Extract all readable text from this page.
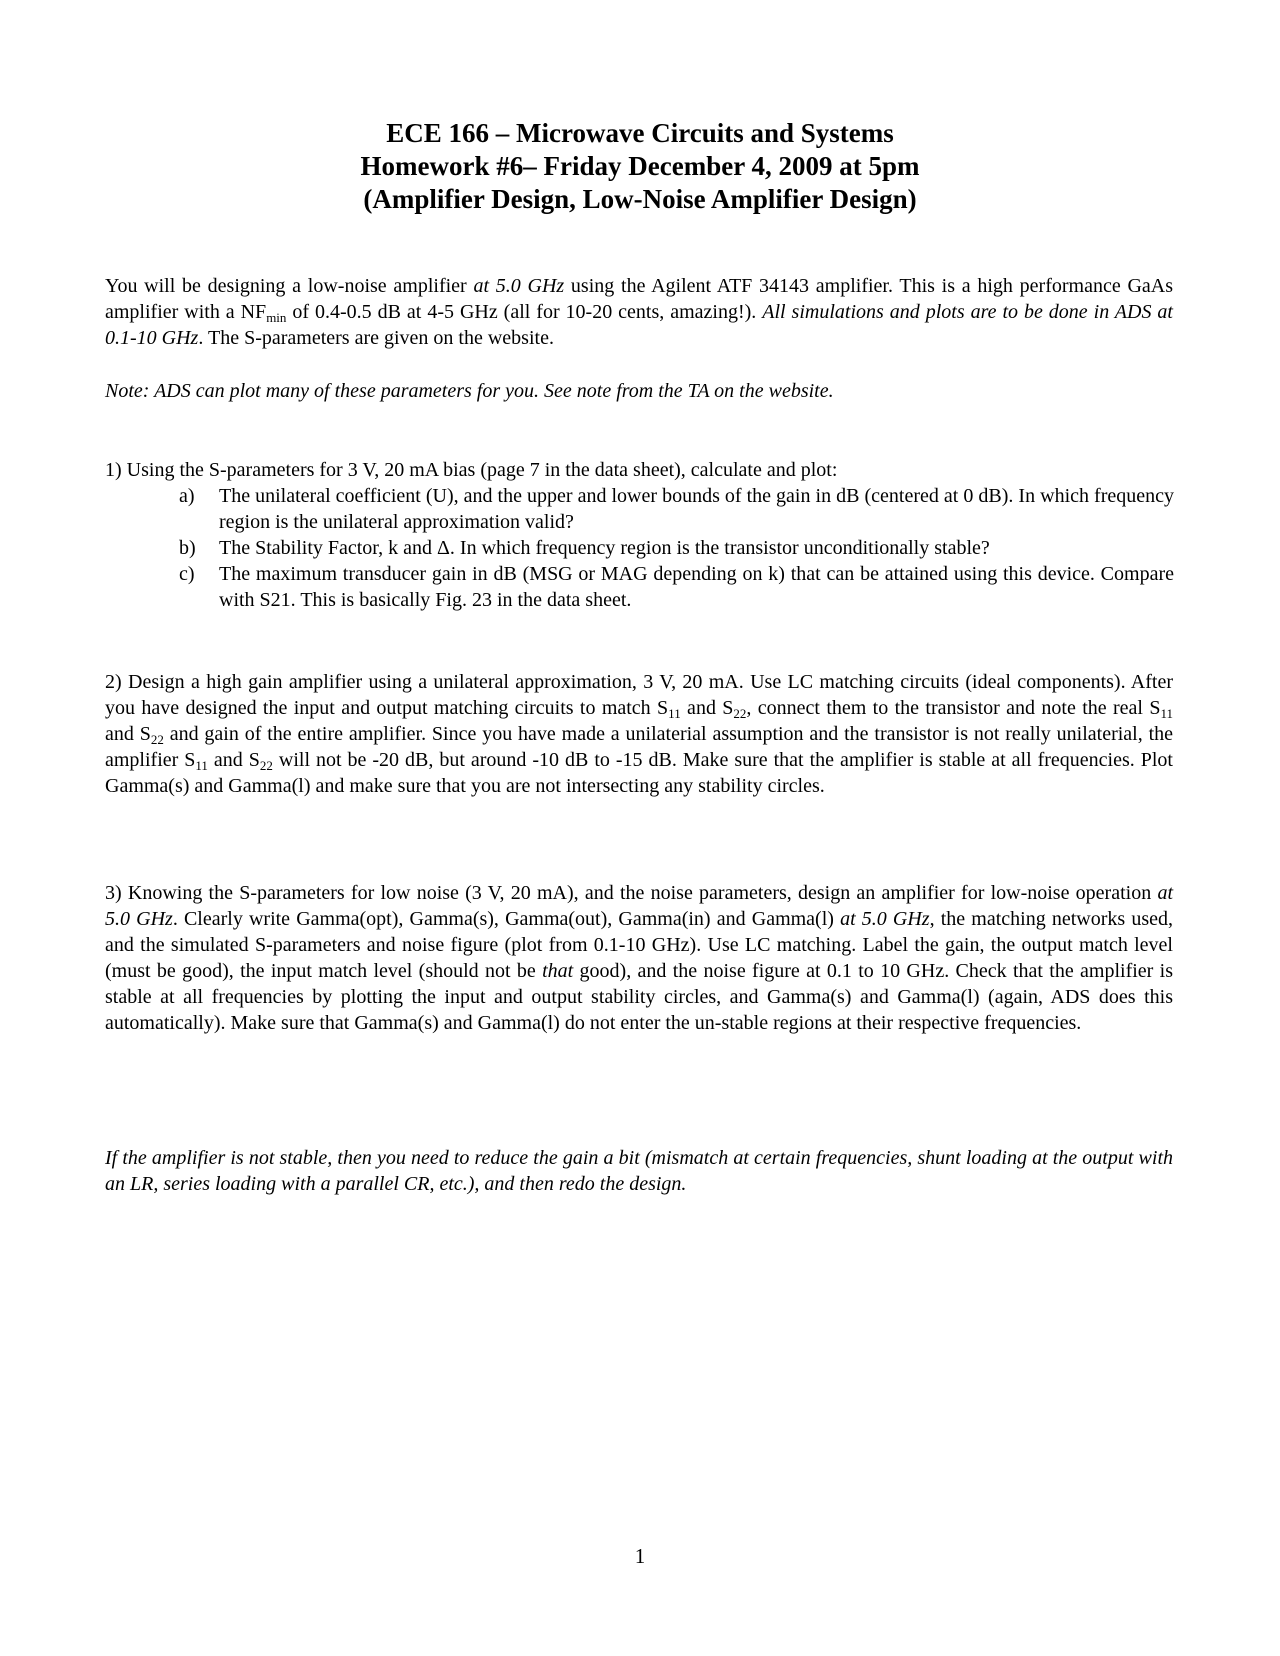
ECE 166 – Microwave Circuits and Systems
Homework #6– Friday December 4, 2009 at 5pm
(Amplifier Design, Low-Noise Amplifier Design)
You will be designing a low-noise amplifier at 5.0 GHz using the Agilent ATF 34143 amplifier. This is a high performance GaAs amplifier with a $NF_{min}$ of 0.4-0.5 dB at 4-5 GHz (all for 10-20 cents, amazing!). All simulations and plots are to be done in ADS at 0.1-10 GHz. The S-parameters are given on the website.
Note: ADS can plot many of these parameters for you. See note from the TA on the website.
1) Using the S-parameters for 3 V, 20 mA bias (page 7 in the data sheet), calculate and plot:
a) The unilateral coefficient (U), and the upper and lower bounds of the gain in dB (centered at 0 dB). In which frequency region is the unilateral approximation valid?
b) The Stability Factor, k and Δ. In which frequency region is the transistor unconditionally stable?
c) The maximum transducer gain in dB (MSG or MAG depending on k) that can be attained using this device. Compare with S21. This is basically Fig. 23 in the data sheet.
2) Design a high gain amplifier using a unilateral approximation, 3 V, 20 mA. Use LC matching circuits (ideal components). After you have designed the input and output matching circuits to match $S_{11}$ and $S_{22}$, connect them to the transistor and note the real $S_{11}$ and $S_{22}$ and gain of the entire amplifier. Since you have made a unilaterial assumption and the transistor is not really unilaterial, the amplifier $S_{11}$ and $S_{22}$ will not be -20 dB, but around -10 dB to -15 dB. Make sure that the amplifier is stable at all frequencies. Plot Gamma(s) and Gamma(l) and make sure that you are not intersecting any stability circles.
3) Knowing the S-parameters for low noise (3 V, 20 mA), and the noise parameters, design an amplifier for low-noise operation at 5.0 GHz. Clearly write Gamma(opt), Gamma(s), Gamma(out), Gamma(in) and Gamma(l) at 5.0 GHz, the matching networks used, and the simulated S-parameters and noise figure (plot from 0.1-10 GHz). Use LC matching. Label the gain, the output match level (must be good), the input match level (should not be that good), and the noise figure at 0.1 to 10 GHz. Check that the amplifier is stable at all frequencies by plotting the input and output stability circles, and Gamma(s) and Gamma(l) (again, ADS does this automatically). Make sure that Gamma(s) and Gamma(l) do not enter the un-stable regions at their respective frequencies.
If the amplifier is not stable, then you need to reduce the gain a bit (mismatch at certain frequencies, shunt loading at the output with an LR, series loading with a parallel CR, etc.), and then redo the design.
1
